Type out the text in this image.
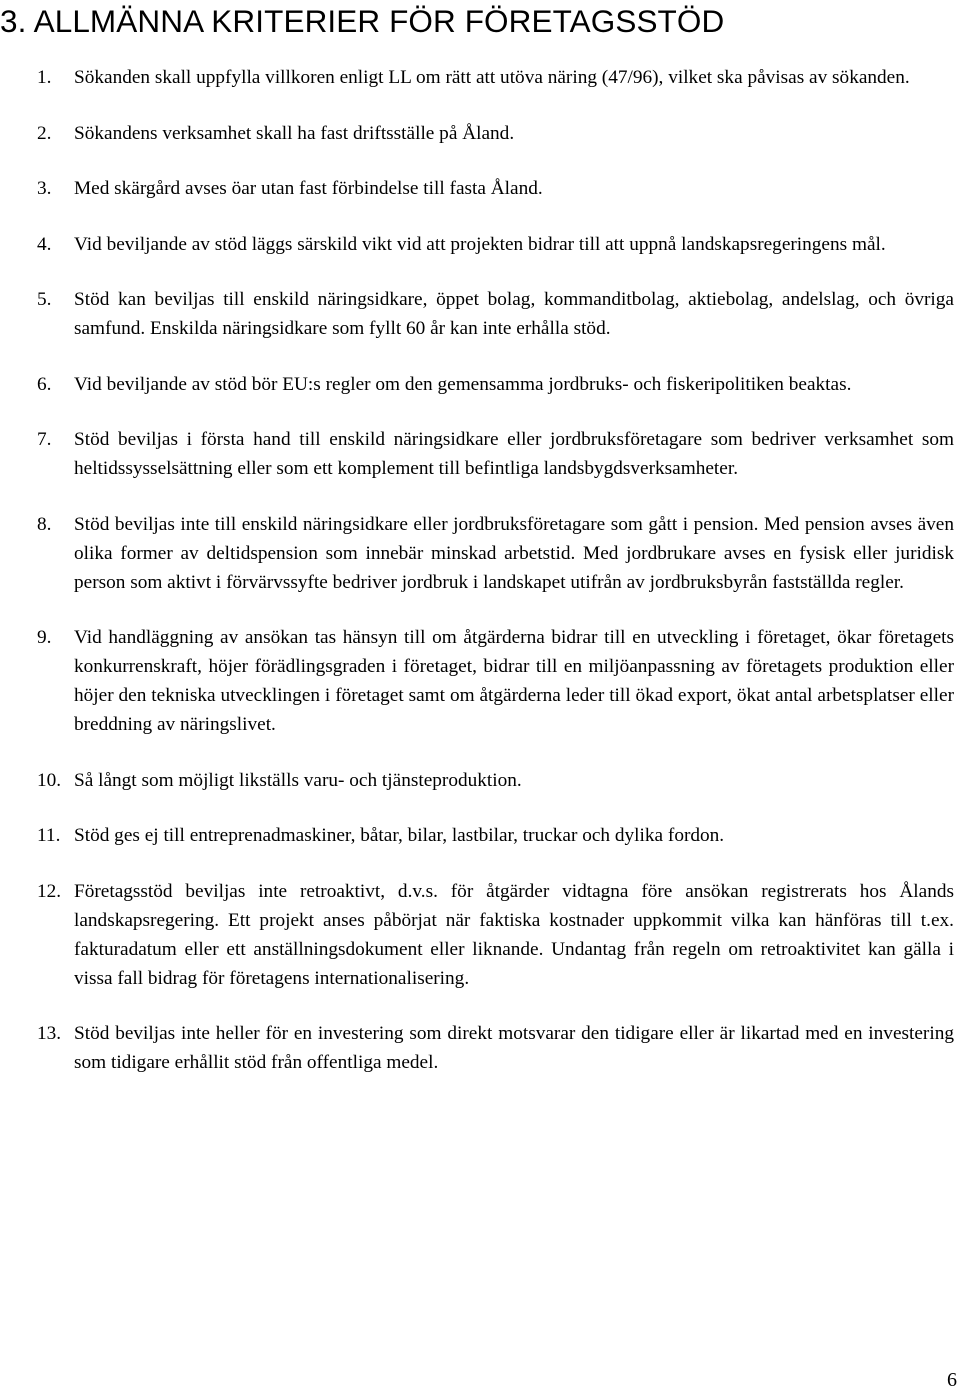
3. ALLMÄNNA KRITERIER FÖR FÖRETAGSSTÖD
1. Sökanden skall uppfylla villkoren enligt LL om rätt att utöva näring (47/96), vilket ska påvisas av sökanden.
2. Sökandens verksamhet skall ha fast driftsställe på Åland.
3. Med skärgård avses öar utan fast förbindelse till fasta Åland.
4. Vid beviljande av stöd läggs särskild vikt vid att projekten bidrar till att uppnå landskapsregeringens mål.
5. Stöd kan beviljas till enskild näringsidkare, öppet bolag, kommanditbolag, aktiebolag, andelslag, och övriga samfund. Enskilda näringsidkare som fyllt 60 år kan inte erhålla stöd.
6. Vid beviljande av stöd bör EU:s regler om den gemensamma jordbruks- och fiskeripolitiken beaktas.
7. Stöd beviljas i första hand till enskild näringsidkare eller jordbruksföretagare som bedriver verksamhet som heltidssysselsättning eller som ett komplement till befintliga landsbygdsverksamheter.
8. Stöd beviljas inte till enskild näringsidkare eller jordbruksföretagare som gått i pension. Med pension avses även olika former av deltidspension som innebär minskad arbetstid. Med jordbrukare avses en fysisk eller juridisk person som aktivt i förvärvssyfte bedriver jordbruk i landskapet utifrån av jordbruksbyrån fastställda regler.
9. Vid handläggning av ansökan tas hänsyn till om åtgärderna bidrar till en utveckling i företaget, ökar företagets konkurrenskraft, höjer förädlingsgraden i företaget, bidrar till en miljöanpassning av företagets produktion eller höjer den tekniska utvecklingen i företaget samt om åtgärderna leder till ökad export, ökat antal arbetsplatser eller breddning av näringslivet.
10. Så långt som möjligt likställs varu- och tjänsteproduktion.
11. Stöd ges ej till entreprenadmaskiner, båtar, bilar, lastbilar, truckar och dylika fordon.
12. Företagsstöd beviljas inte retroaktivt, d.v.s. för åtgärder vidtagna före ansökan registrerats hos Ålands landskapsregering. Ett projekt anses påbörjat när faktiska kostnader uppkommit vilka kan hänföras till t.ex. fakturadatum eller ett anställningsdokument eller liknande. Undantag från regeln om retroaktivitet kan gälla i vissa fall bidrag för företagens internationalisering.
13. Stöd beviljas inte heller för en investering som direkt motsvarar den tidigare eller är likartad med en investering som tidigare erhållit stöd från offentliga medel.
6
